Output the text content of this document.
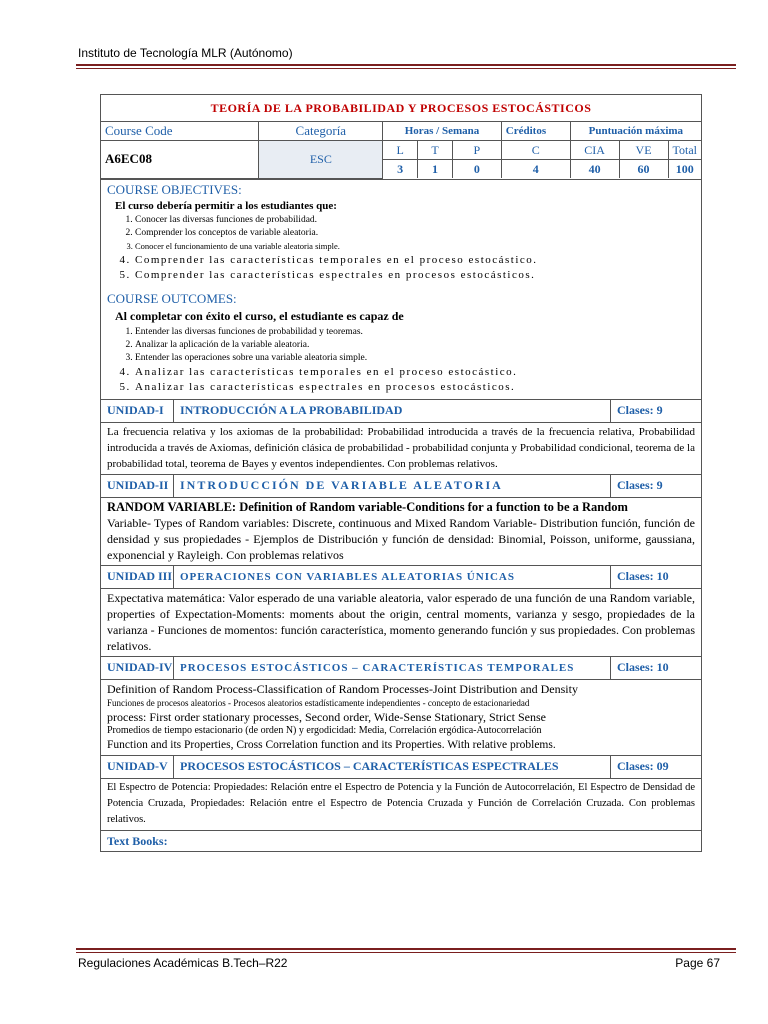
Instituto de Tecnología MLR (Autónomo)
TEORÍA DE LA PROBABILIDAD Y PROCESOS ESTOCÁSTICOS
Course Code	Categoría	Horas / Semana			Créditos	Puntuación máxima		
A6EC08	ESC	L	T	P	C	CIA	VE	Total
		3	1	0	4	40	60	100
COURSE OBJECTIVES:
El curso debería permitir a los estudiantes que:
1. Conocer las diversas funciones de probabilidad.
2. Comprender los conceptos de variable aleatoria.
3. Conocer el funcionamiento de una variable aleatoria simple.
4. Comprender las características temporales en el proceso estocástico.
5. Comprender las características espectrales en procesos estocásticos.
COURSE OUTCOMES:
Al completar con éxito el curso, el estudiante es capaz de
1. Entender las diversas funciones de probabilidad y teoremas.
2. Analizar la aplicación de la variable aleatoria.
3. Entender las operaciones sobre una variable aleatoria simple.
4. Analizar las características temporales en el proceso estocástico.
5. Analizar las características espectrales en procesos estocásticos.
UNIDAD-I	INTRODUCCIÓN A LA PROBABILIDAD	Clases: 9
La frecuencia relativa y los axiomas de la probabilidad: Probabilidad introducida a través de la frecuencia relativa, Probabilidad introducida a través de Axiomas, definición clásica de probabilidad - probabilidad conjunta y Probabilidad condicional, teorema de la probabilidad total, teorema de Bayes y eventos independientes. Con problemas relativos.
UNIDAD-II INTRODUCCIÓN DE VARIABLE ALEATORIA	Clases: 9
RANDOM VARIABLE: Definition of Random variable-Conditions for a function to be a Random
Variable- Types of Random variables: Discrete, continuous and Mixed Random Variable- Distribution función, función de densidad y sus propiedades - Ejemplos de Distribución y función de densidad: Binomial, Poisson, uniforme, gaussiana, exponencial y Rayleigh. Con problemas relativos
UNIDAD III OPERACIONES CON VARIABLES ALEATORIAS ÚNICAS	Clases: 10
Expectativa matemática: Valor esperado de una variable aleatoria, valor esperado de una función de una Random variable, properties of Expectation-Moments: moments about the origin, central moments, varianza y sesgo, propiedades de la varianza - Funciones de momentos: función característica, momento generando función y sus propiedades. Con problemas relativos.
UNIDAD-IV PROCESOS ESTOCÁSTICOS – CARACTERÍSTICAS TEMPORALES	Clases: 10
Definition of Random Process-Classification of Random Processes-Joint Distribution and Density
Funciones de procesos aleatorios - Procesos aleatorios estadísticamente independientes - concepto de estacionariedad
process: First order stationary processes, Second order, Wide-Sense Stationary, Strict Sense
Promedios de tiempo estacionario (de orden N) y ergodicidad: Media, Correlación ergódica-Autocorrelación
Function and its Properties, Cross Correlation function and its Properties. With relative problems.
UNIDAD-V	PROCESOS ESTOCÁSTICOS – CARACTERÍSTICAS ESPECTRALES	Clases: 09
El Espectro de Potencia: Propiedades: Relación entre el Espectro de Potencia y la Función de Autocorrelación, El Espectro de Densidad de Potencia Cruzada, Propiedades: Relación entre el Espectro de Potencia Cruzada y Función de Correlación Cruzada. Con problemas relativos.
Text Books:
Regulaciones Académicas B.Tech–R22	Page 67
